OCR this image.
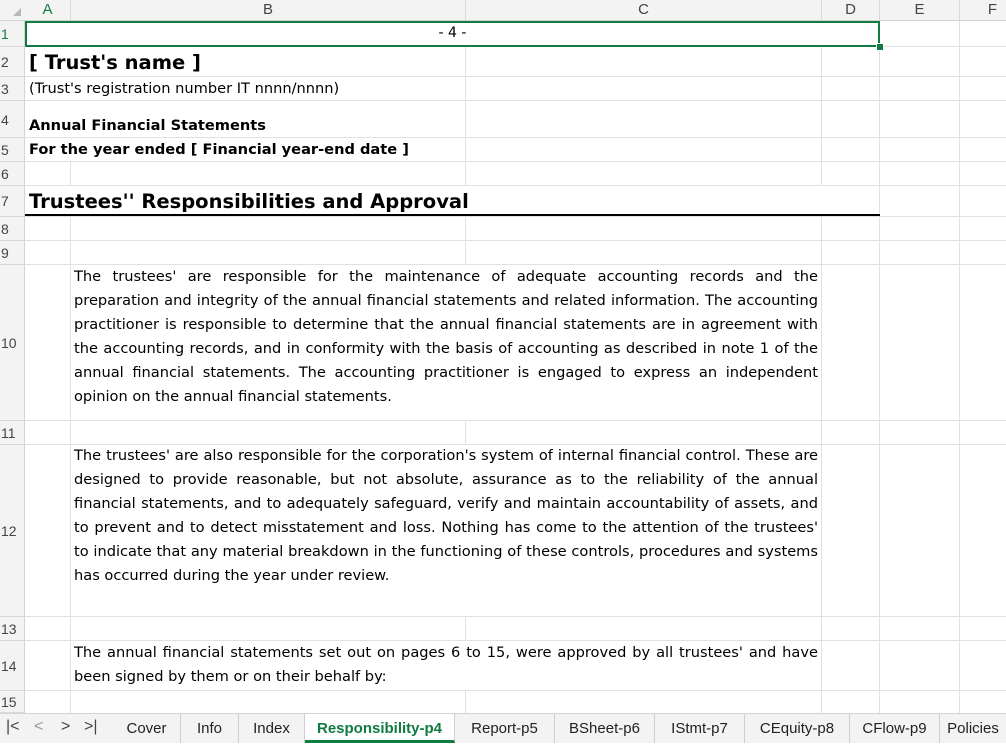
A	B	C	D	E	F
1
2
3
4
5
6
7
8
9
10
11
12
13
14
15
- 4 -
[ Trust's name ]
(Trust's registration number IT nnnn/nnnn)
Annual Financial Statements
For the year ended [ Financial year-end date ]
Trustees'' Responsibilities and Approval
The trustees' are responsible for the maintenance of adequate accounting records and the preparation and integrity of the annual financial statements and related information. The accounting practitioner is responsible to determine that the annual financial statements are in agreement with the accounting records, and in conformity with the basis of accounting as described in note 1 of the annual financial statements. The accounting practitioner is engaged to express an independent opinion on the annual financial statements.
The trustees' are also responsible for the corporation's system of internal financial control. These are designed to provide reasonable, but not absolute, assurance as to the reliability of the annual financial statements, and to adequately safeguard, verify and maintain accountability of assets, and to prevent and to detect misstatement and loss. Nothing has come to the attention of the trustees' to indicate that any material breakdown in the functioning of these controls, procedures and systems has occurred during the year under review.
The annual financial statements set out on pages 6 to 15, were approved by all trustees' and have been signed by them or on their behalf by:
|< < > >|	Cover	Info	Index	Responsibility-p4	Report-p5	BSheet-p6	IStmt-p7	CEquity-p8	CFlow-p9	Policies
